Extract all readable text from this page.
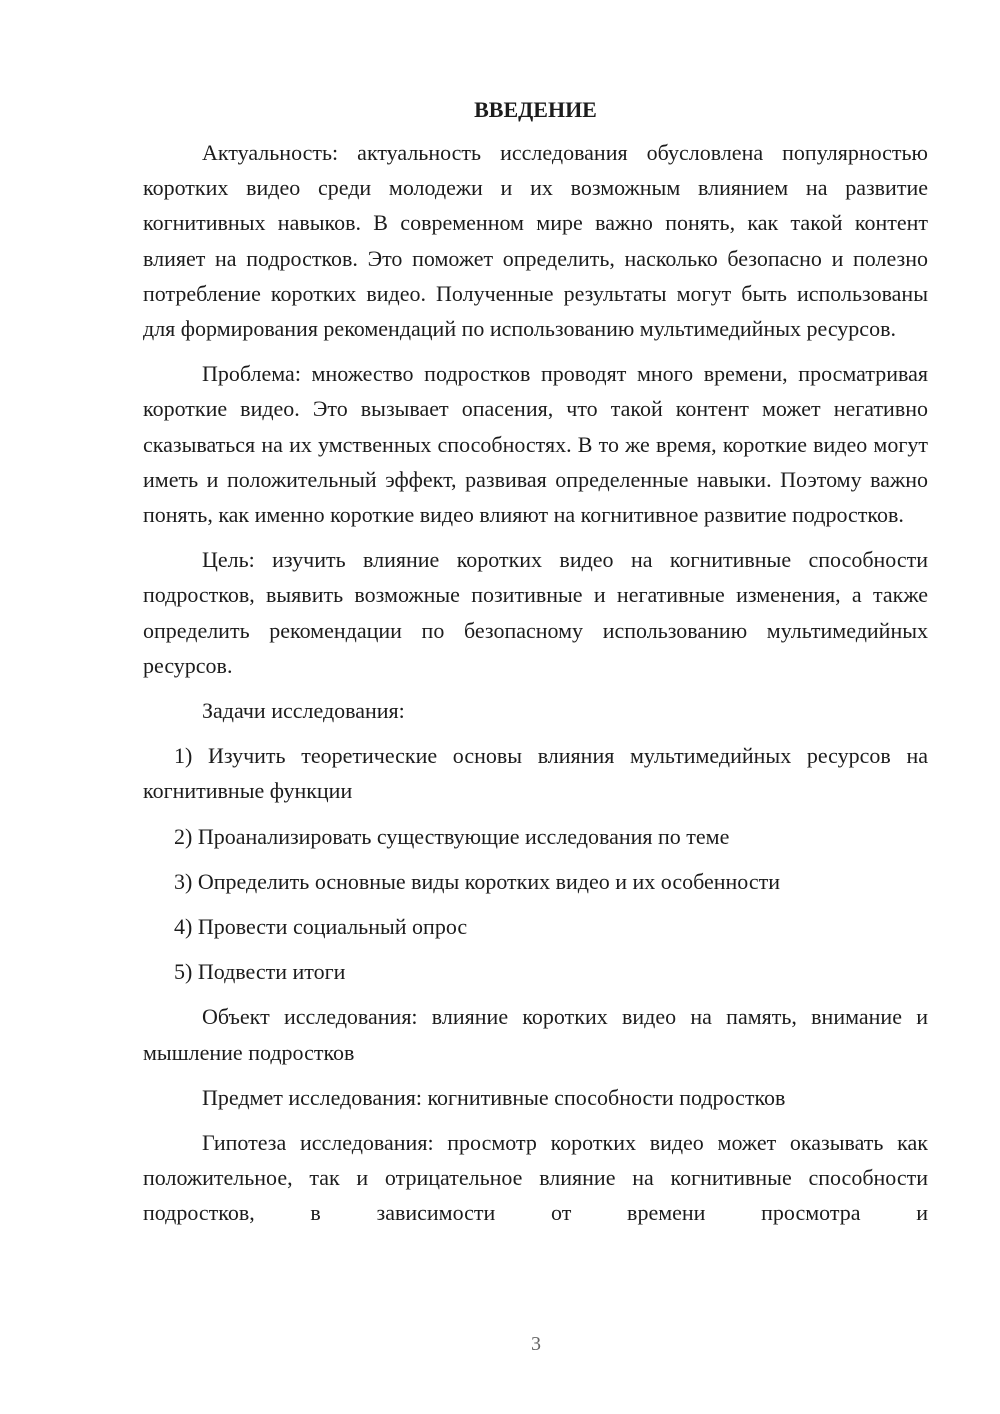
ВВЕДЕНИЕ

Актуальность: актуальность исследования обусловлена популярностью коротких видео среди молодежи и их возможным влиянием на развитие когнитивных навыков. В современном мире важно понять, как такой контент влияет на подростков. Это поможет определить, насколько безопасно и полезно потребление коротких видео. Полученные результаты могут быть использованы для формирования рекомендаций по использованию мультимедийных ресурсов.

Проблема: множество подростков проводят много времени, просматривая короткие видео. Это вызывает опасения, что такой контент может негативно сказываться на их умственных способностях. В то же время, короткие видео могут иметь и положительный эффект, развивая определенные навыки. Поэтому важно понять, как именно короткие видео влияют на когнитивное развитие подростков.

Цель: изучить влияние коротких видео на когнитивные способности подростков, выявить возможные позитивные и негативные изменения, а также определить рекомендации по безопасному использованию мультимедийных ресурсов.

Задачи исследования:

1) Изучить теоретические основы влияния мультимедийных ресурсов на когнитивные функции

2) Проанализировать существующие исследования по теме

3) Определить основные виды коротких видео и их особенности

4) Провести социальный опрос

5) Подвести итоги

Объект исследования: влияние коротких видео на память, внимание и мышление подростков

Предмет исследования: когнитивные способности подростков

Гипотеза исследования: просмотр коротких видео может оказывать как положительное, так и отрицательное влияние на когнитивные способности подростков, в зависимости от времени просмотра и

3
